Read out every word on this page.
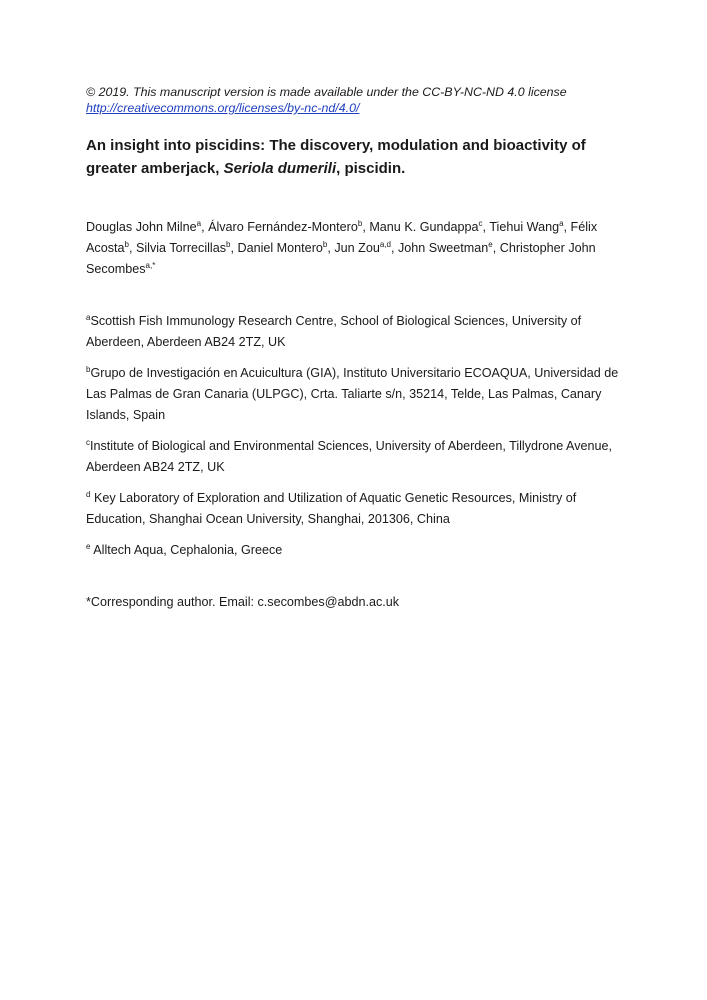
© 2019. This manuscript version is made available under the CC-BY-NC-ND 4.0 license http://creativecommons.org/licenses/by-nc-nd/4.0/

An insight into piscidins: The discovery, modulation and bioactivity of greater amberjack, Seriola dumerili, piscidin.

Douglas John Milne$^a$, Álvaro Fernández-Montero$^b$, Manu K. Gundappa$^c$, Tiehui Wang$^a$, Félix Acosta$^b$, Silvia Torrecillas$^b$, Daniel Montero$^b$, Jun Zou$^{a,d}$, John Sweetman$^e$, Christopher John Secombes$^{a,*}$

$^a$Scottish Fish Immunology Research Centre, School of Biological Sciences, University of Aberdeen, Aberdeen AB24 2TZ, UK

$^b$Grupo de Investigación en Acuicultura (GIA), Instituto Universitario ECOAQUA, Universidad de Las Palmas de Gran Canaria (ULPGC), Crta. Taliarte s/n, 35214, Telde, Las Palmas, Canary Islands, Spain

$^c$Institute of Biological and Environmental Sciences, University of Aberdeen, Tillydrone Avenue, Aberdeen AB24 2TZ, UK

$^d$ Key Laboratory of Exploration and Utilization of Aquatic Genetic Resources, Ministry of Education, Shanghai Ocean University, Shanghai, 201306, China

$^e$ Alltech Aqua, Cephalonia, Greece

*Corresponding author. Email: c.secombes@abdn.ac.uk
